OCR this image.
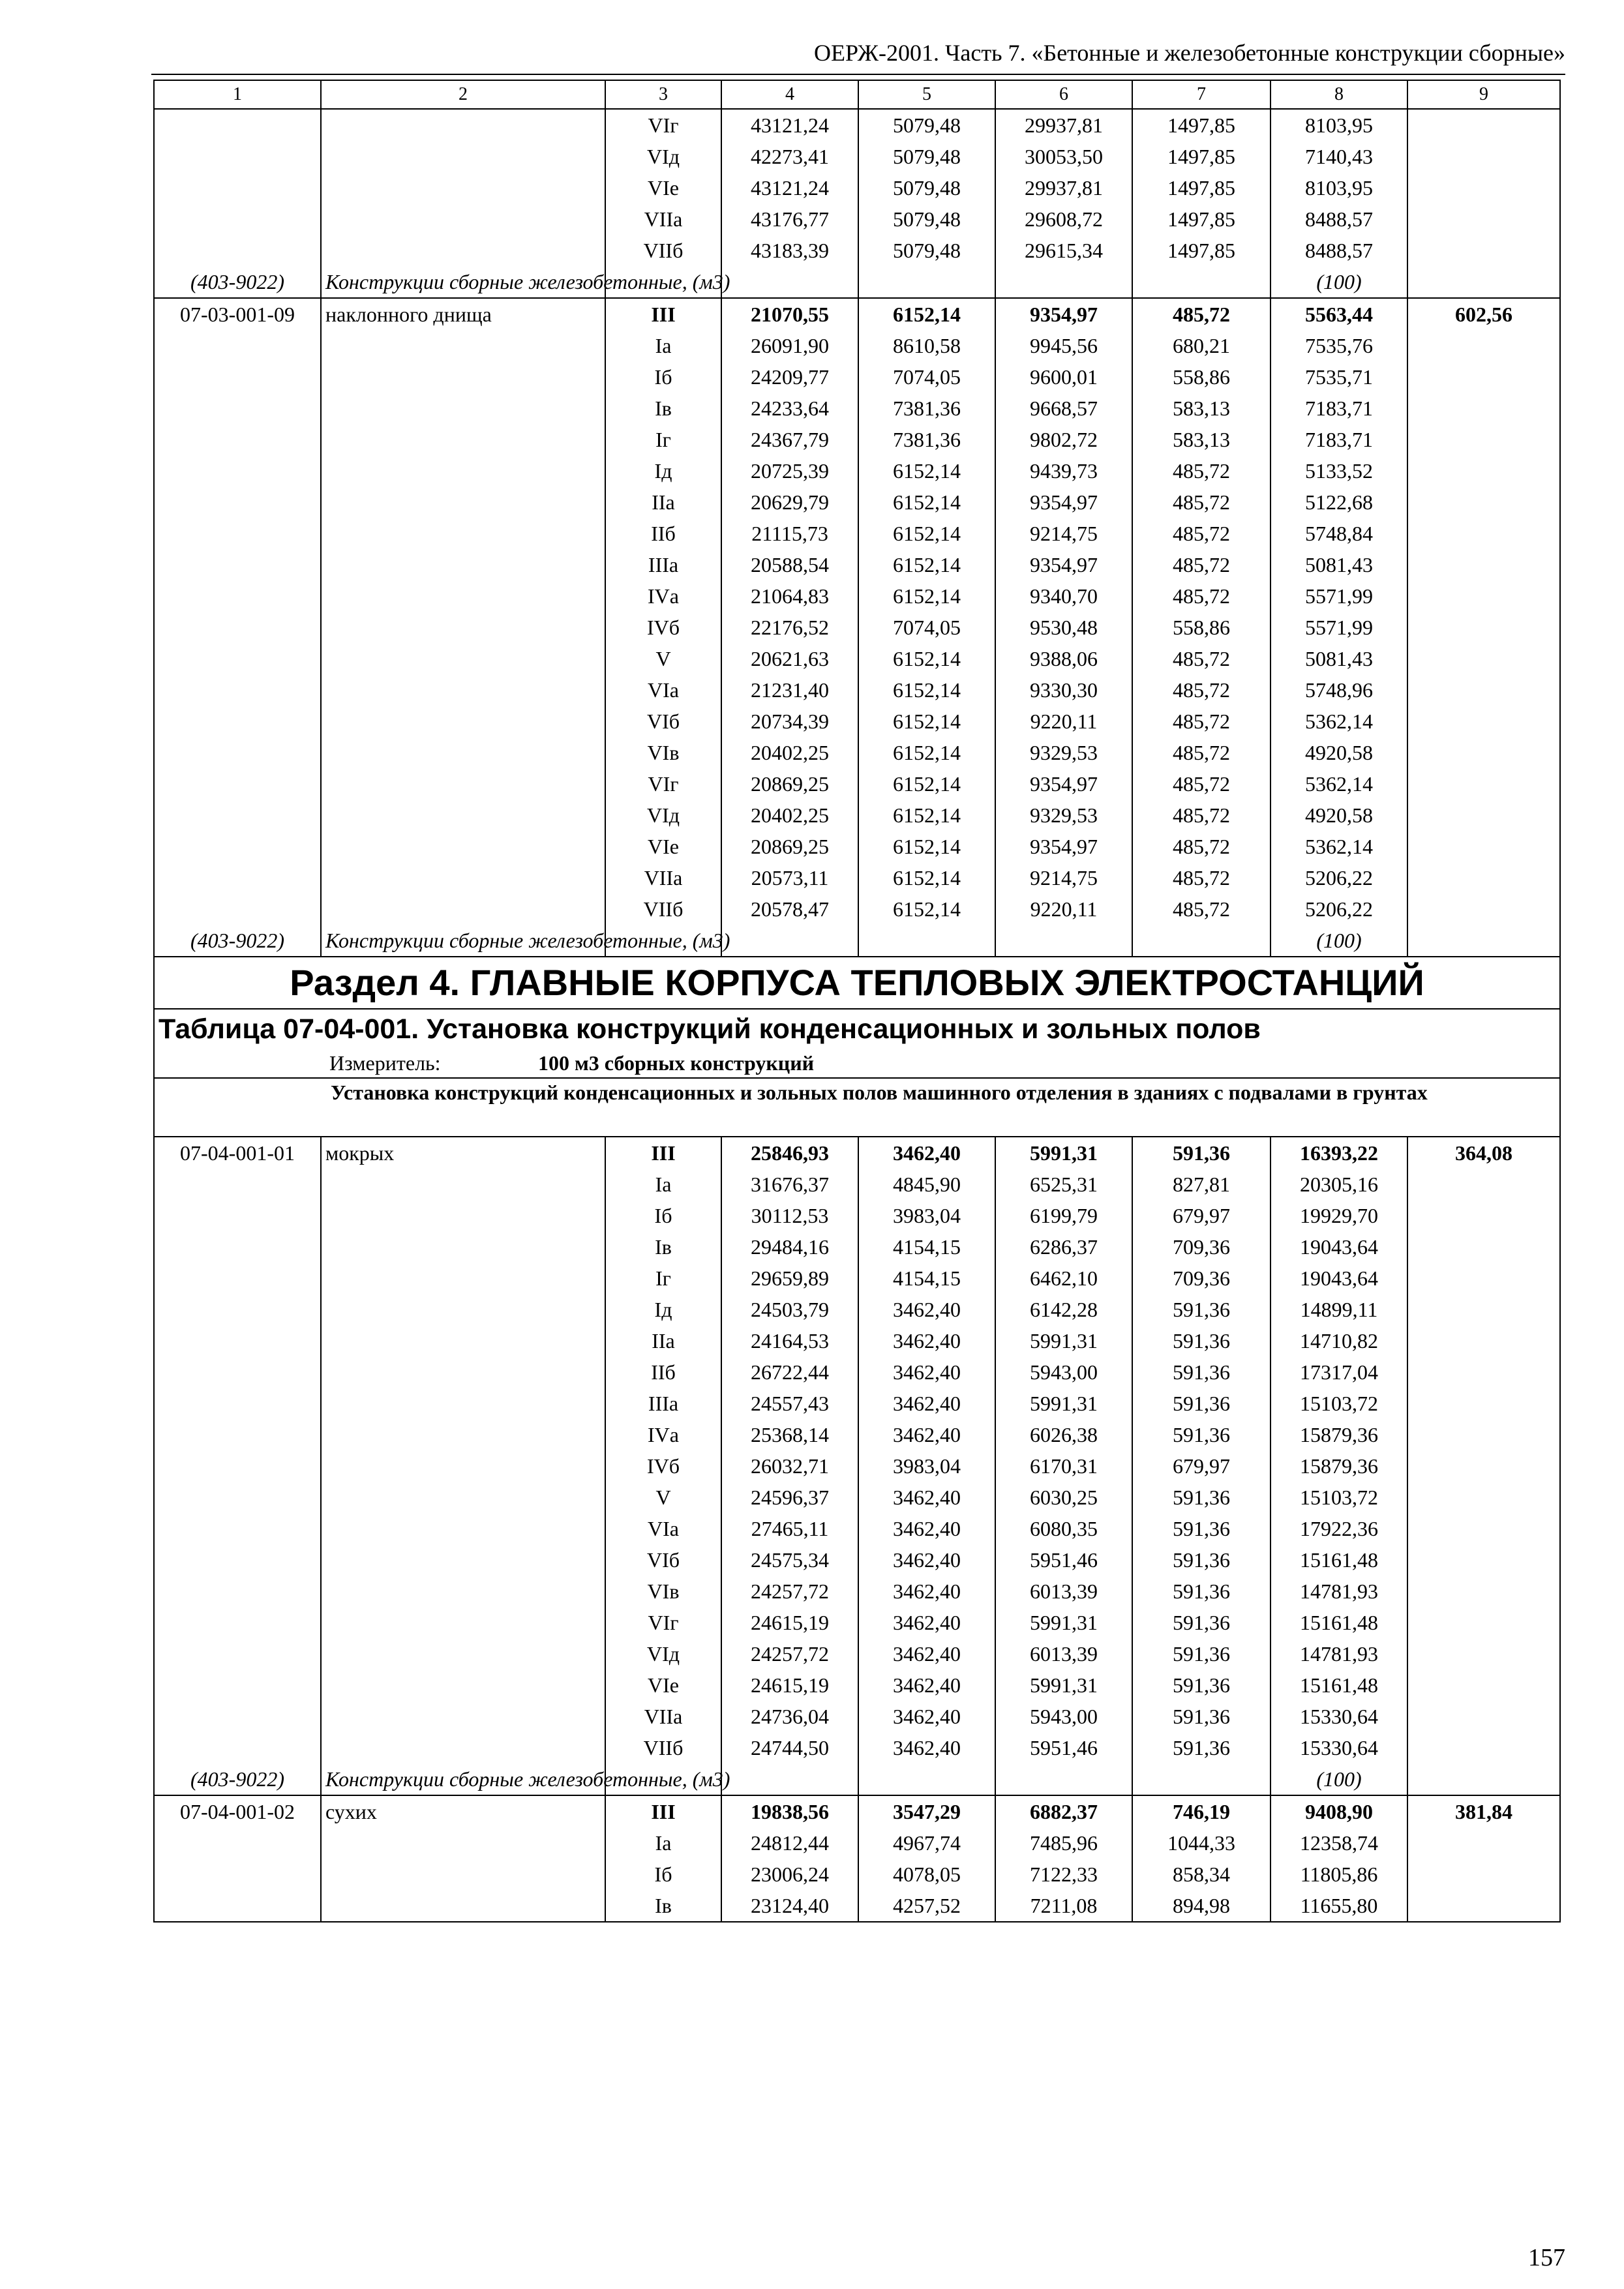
ОЕРЖ-2001. Часть 7. «Бетонные и железобетонные конструкции сборные»
1	2	3	4	5	6	7	8	9
		VIг	43121,24	5079,48	29937,81	1497,85	8103,95	
		VIд	42273,41	5079,48	30053,50	1497,85	7140,43	
		VIе	43121,24	5079,48	29937,81	1497,85	8103,95	
		VIIа	43176,77	5079,48	29608,72	1497,85	8488,57	
		VIIб	43183,39	5079,48	29615,34	1497,85	8488,57	
(403-9022)	Конструкции сборные железобетонные, (м3)						(100)	
07-03-001-09	наклонного днища	III	21070,55	6152,14	9354,97	485,72	5563,44	602,56
		Iа	26091,90	8610,58	9945,56	680,21	7535,76	
		Iб	24209,77	7074,05	9600,01	558,86	7535,71	
		Iв	24233,64	7381,36	9668,57	583,13	7183,71	
		Iг	24367,79	7381,36	9802,72	583,13	7183,71	
		Iд	20725,39	6152,14	9439,73	485,72	5133,52	
		IIа	20629,79	6152,14	9354,97	485,72	5122,68	
		IIб	21115,73	6152,14	9214,75	485,72	5748,84	
		IIIа	20588,54	6152,14	9354,97	485,72	5081,43	
		IVа	21064,83	6152,14	9340,70	485,72	5571,99	
		IVб	22176,52	7074,05	9530,48	558,86	5571,99	
		V	20621,63	6152,14	9388,06	485,72	5081,43	
		VIа	21231,40	6152,14	9330,30	485,72	5748,96	
		VIб	20734,39	6152,14	9220,11	485,72	5362,14	
		VIв	20402,25	6152,14	9329,53	485,72	4920,58	
		VIг	20869,25	6152,14	9354,97	485,72	5362,14	
		VIд	20402,25	6152,14	9329,53	485,72	4920,58	
		VIе	20869,25	6152,14	9354,97	485,72	5362,14	
		VIIа	20573,11	6152,14	9214,75	485,72	5206,22	
		VIIб	20578,47	6152,14	9220,11	485,72	5206,22	
(403-9022)	Конструкции сборные железобетонные, (м3)						(100)	
Раздел 4. ГЛАВНЫЕ КОРПУСА ТЕПЛОВЫХ ЭЛЕКТРОСТАНЦИЙ								
Таблица 07-04-001. Установка конструкций конденсационных и зольных полов								
Измеритель: 100 м3 сборных конструкций								
Установка конструкций конденсационных и зольных полов машинного отделения в зданиях с подвалами в грунтах								
07-04-001-01	мокрых	III	25846,93	3462,40	5991,31	591,36	16393,22	364,08
		Iа	31676,37	4845,90	6525,31	827,81	20305,16	
		Iб	30112,53	3983,04	6199,79	679,97	19929,70	
		Iв	29484,16	4154,15	6286,37	709,36	19043,64	
		Iг	29659,89	4154,15	6462,10	709,36	19043,64	
		Iд	24503,79	3462,40	6142,28	591,36	14899,11	
		IIа	24164,53	3462,40	5991,31	591,36	14710,82	
		IIб	26722,44	3462,40	5943,00	591,36	17317,04	
		IIIа	24557,43	3462,40	5991,31	591,36	15103,72	
		IVа	25368,14	3462,40	6026,38	591,36	15879,36	
		IVб	26032,71	3983,04	6170,31	679,97	15879,36	
		V	24596,37	3462,40	6030,25	591,36	15103,72	
		VIа	27465,11	3462,40	6080,35	591,36	17922,36	
		VIб	24575,34	3462,40	5951,46	591,36	15161,48	
		VIв	24257,72	3462,40	6013,39	591,36	14781,93	
		VIг	24615,19	3462,40	5991,31	591,36	15161,48	
		VIд	24257,72	3462,40	6013,39	591,36	14781,93	
		VIе	24615,19	3462,40	5991,31	591,36	15161,48	
		VIIа	24736,04	3462,40	5943,00	591,36	15330,64	
		VIIб	24744,50	3462,40	5951,46	591,36	15330,64	
(403-9022)	Конструкции сборные железобетонные, (м3)						(100)	
07-04-001-02	сухих	III	19838,56	3547,29	6882,37	746,19	9408,90	381,84
		Iа	24812,44	4967,74	7485,96	1044,33	12358,74	
		Iб	23006,24	4078,05	7122,33	858,34	11805,86	
		Iв	23124,40	4257,52	7211,08	894,98	11655,80	
157
